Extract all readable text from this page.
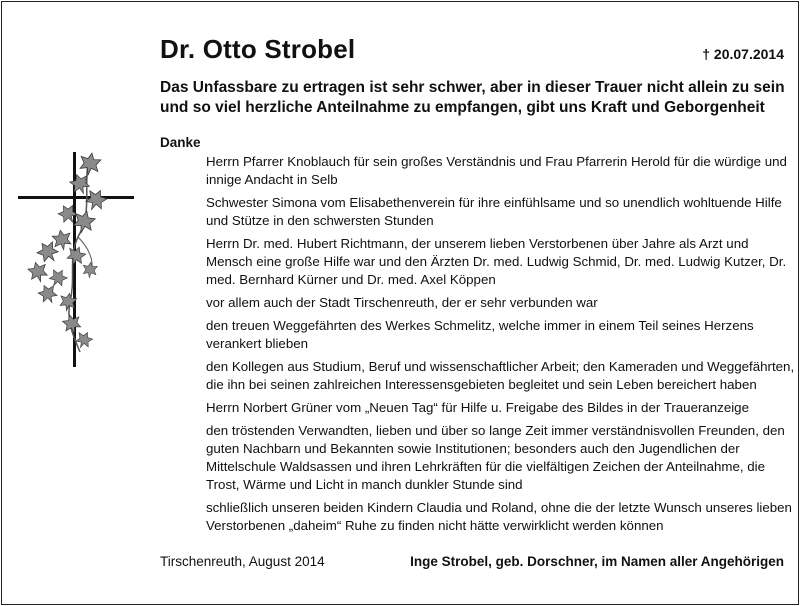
Dr. Otto Strobel	† 20.07.2014
Das Unfassbare zu ertragen ist sehr schwer, aber in dieser Trauer nicht allein zu sein und so viel herzliche Anteilnahme zu empfangen, gibt uns Kraft und Geborgenheit
Danke
Herrn Pfarrer Knoblauch für sein großes Verständnis und Frau Pfarrerin Herold für die würdige und innige Andacht in Selb
Schwester Simona vom Elisabethenverein für ihre einfühlsame und so unendlich wohltuende Hilfe und Stütze in den schwersten Stunden
Herrn Dr. med. Hubert Richtmann, der unserem lieben Verstorbenen über Jahre als Arzt und Mensch eine große Hilfe war und den Ärzten Dr. med. Ludwig Schmid, Dr. med. Ludwig Kutzer, Dr. med. Bernhard Kürner und Dr. med. Axel Köppen
vor allem auch der Stadt Tirschenreuth, der er sehr verbunden war
den treuen Weggefährten des Werkes Schmelitz, welche immer in einem Teil seines Herzens verankert blieben
den Kollegen aus Studium, Beruf und wissenschaftlicher Arbeit; den Kameraden und Weggefährten, die ihn bei seinen zahlreichen Interessensgebieten begleitet und sein Leben bereichert haben
Herrn Norbert Grüner vom „Neuen Tag“ für Hilfe u. Freigabe des Bildes in der Traueranzeige
den tröstenden Verwandten, lieben und über so lange Zeit immer verständnisvollen Freunden, den guten Nachbarn und Bekannten sowie Institutionen; besonders auch den Jugendlichen der Mittelschule Waldsassen und ihren Lehrkräften für die vielfältigen Zeichen der Anteilnahme, die Trost, Wärme und Licht in manch dunkler Stunde sind
schließlich unseren beiden Kindern Claudia und Roland, ohne die der letzte Wunsch unseres lieben Verstorbenen „daheim“ Ruhe zu finden nicht hätte verwirklicht werden können
Tirschenreuth, August 2014	Inge Strobel, geb. Dorschner, im Namen aller Angehörigen
